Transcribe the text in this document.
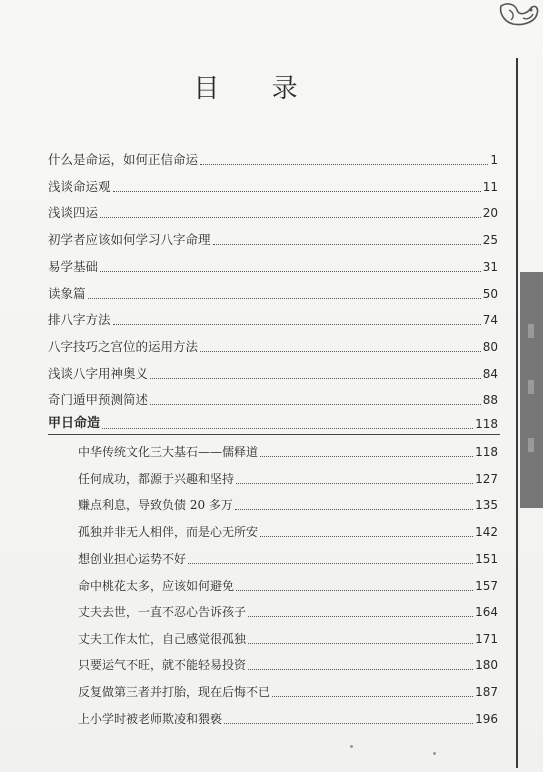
目 录
什么是命运，如何正信命运	1
浅谈命运观	11
浅谈四运	20
初学者应该如何学习八字命理	25
易学基础	31
读象篇	50
排八字方法	74
八字技巧之宫位的运用方法	80
浅谈八字用神奥义	84
奇门遁甲预测简述	88
甲日命造	118
中华传统文化三大基石——儒释道	118
任何成功，都源于兴趣和坚持	127
赚点利息，导致负债 20 多万	135
孤独并非无人相伴，而是心无所安	142
想创业担心运势不好	151
命中桃花太多，应该如何避免	157
丈夫去世，一直不忍心告诉孩子	164
丈夫工作太忙，自己感觉很孤独	171
只要运气不旺，就不能轻易投资	180
反复做第三者并打胎，现在后悔不已	187
上小学时被老师欺凌和猥亵	196
